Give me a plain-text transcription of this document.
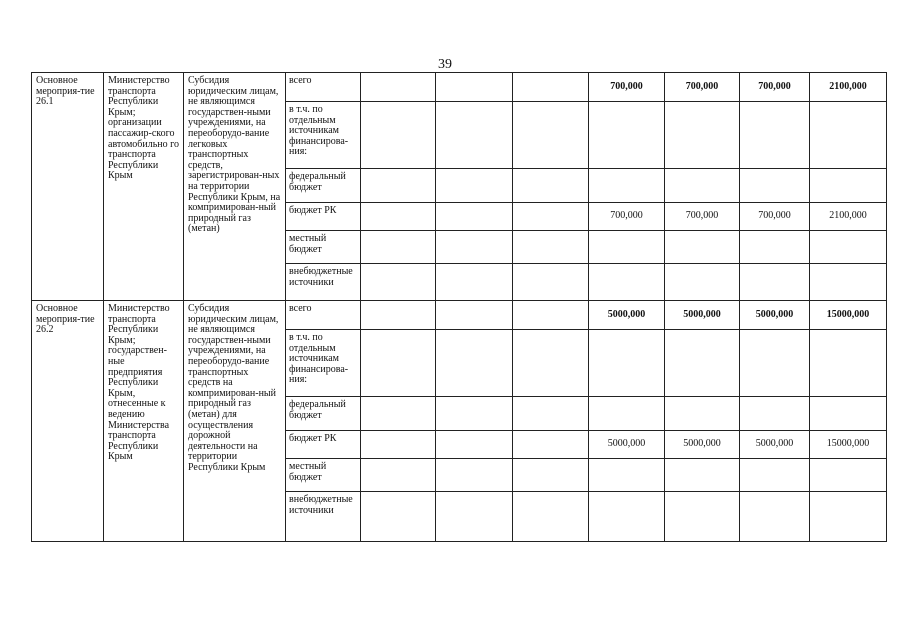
39
Основное мероприя-тие 26.1	Министерство транспорта Республики Крым; организации пассажир-ского автомобильно го транспорта Республики Крым	Субсидия юридическим лицам, не являющимся государствен-ными учреждениями, на переоборудо-вание легковых транспортных средств, зарегистрирован-ных на территории Республики Крым, на компримирован-ный природный газ (метан)	всего				700,000	700,000	700,000	2100,000
			в т.ч. по отдельным источникам финансирова-ния:							
			федеральный бюджет							
			бюджет РК				700,000	700,000	700,000	2100,000
			местный бюджет							
			внебюджетные источники							
Основное мероприя-тие 26.2	Министерство транспорта Республики Крым; государствен-ные предприятия Республики Крым, отнесенные к ведению Министерства транспорта Республики Крым	Субсидия юридическим лицам, не являющимся государствен-ными учреждениями, на переоборудо-вание транспортных средств на компримирован-ный природный газ (метан) для осуществления дорожной деятельности на территории Республики Крым	всего				5000,000	5000,000	5000,000	15000,000
			в т.ч. по отдельным источникам финансирова-ния:							
			федеральный бюджет							
			бюджет РК				5000,000	5000,000	5000,000	15000,000
			местный бюджет							
			внебюджетные источники							
